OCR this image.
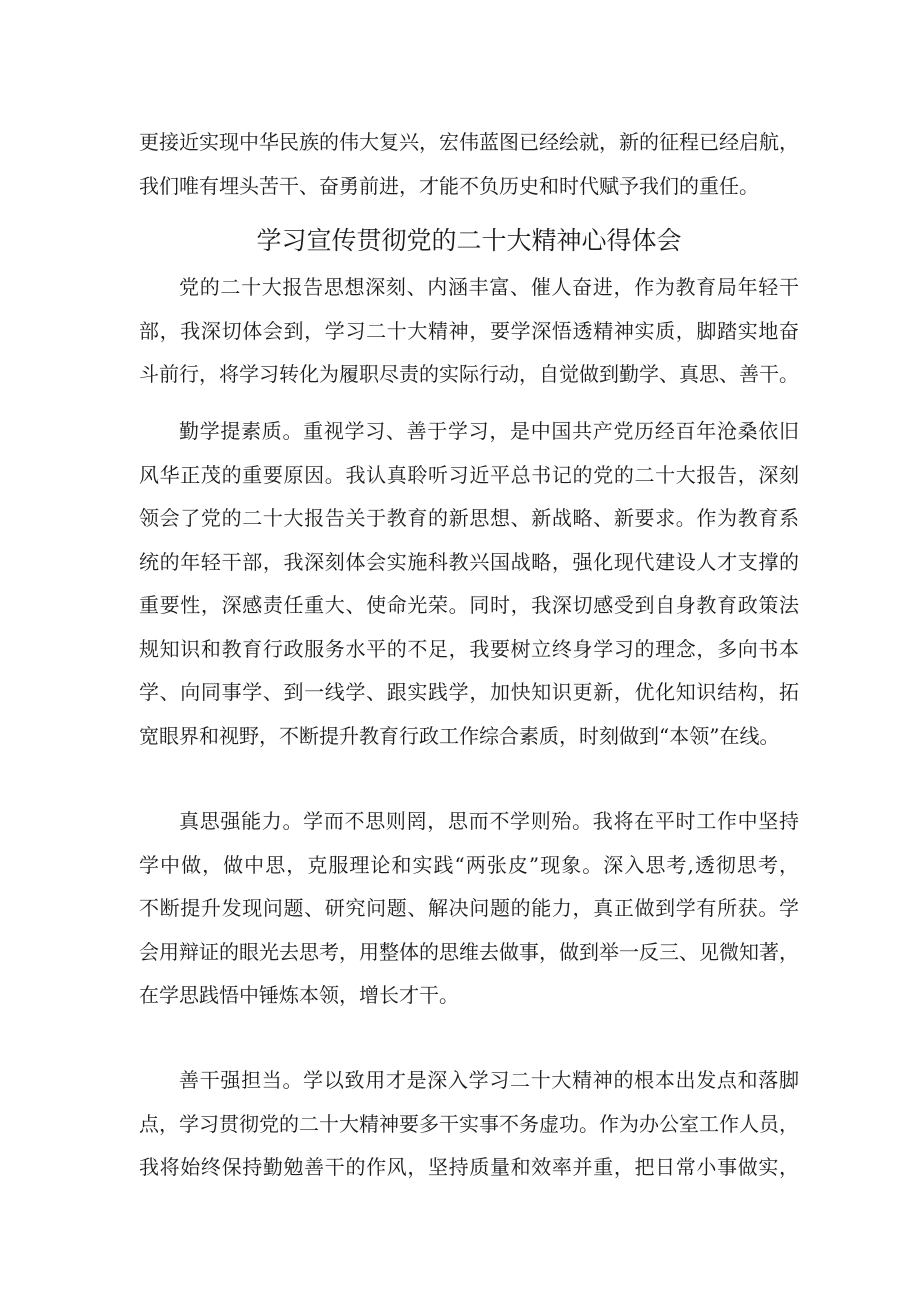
更接近实现中华民族的伟大复兴，宏伟蓝图已经绘就，新的征程已经启航，
我们唯有埋头苦干、奋勇前进，才能不负历史和时代赋予我们的重任。
学习宣传贯彻党的二十大精神心得体会
党的二十大报告思想深刻、内涵丰富、催人奋进，作为教育局年轻干
部，我深切体会到，学习二十大精神，要学深悟透精神实质，脚踏实地奋
斗前行，将学习转化为履职尽责的实际行动，自觉做到勤学、真思、善干。
勤学提素质。重视学习、善于学习，是中国共产党历经百年沧桑依旧
风华正茂的重要原因。我认真聆听习近平总书记的党的二十大报告，深刻
领会了党的二十大报告关于教育的新思想、新战略、新要求。作为教育系
统的年轻干部，我深刻体会实施科教兴国战略，强化现代建设人才支撑的
重要性，深感责任重大、使命光荣。同时，我深切感受到自身教育政策法
规知识和教育行政服务水平的不足，我要树立终身学习的理念，多向书本
学、向同事学、到一线学、跟实践学，加快知识更新，优化知识结构，拓
宽眼界和视野，不断提升教育行政工作综合素质，时刻做到“本领”在线。
真思强能力。学而不思则罔，思而不学则殆。我将在平时工作中坚持
学中做，做中思，克服理论和实践“两张皮”现象。深入思考,透彻思考，
不断提升发现问题、研究问题、解决问题的能力，真正做到学有所获。学
会用辩证的眼光去思考，用整体的思维去做事，做到举一反三、见微知著，
在学思践悟中锤炼本领，增长才干。
善干强担当。学以致用才是深入学习二十大精神的根本出发点和落脚
点，学习贯彻党的二十大精神要多干实事不务虚功。作为办公室工作人员，
我将始终保持勤勉善干的作风，坚持质量和效率并重，把日常小事做实，
